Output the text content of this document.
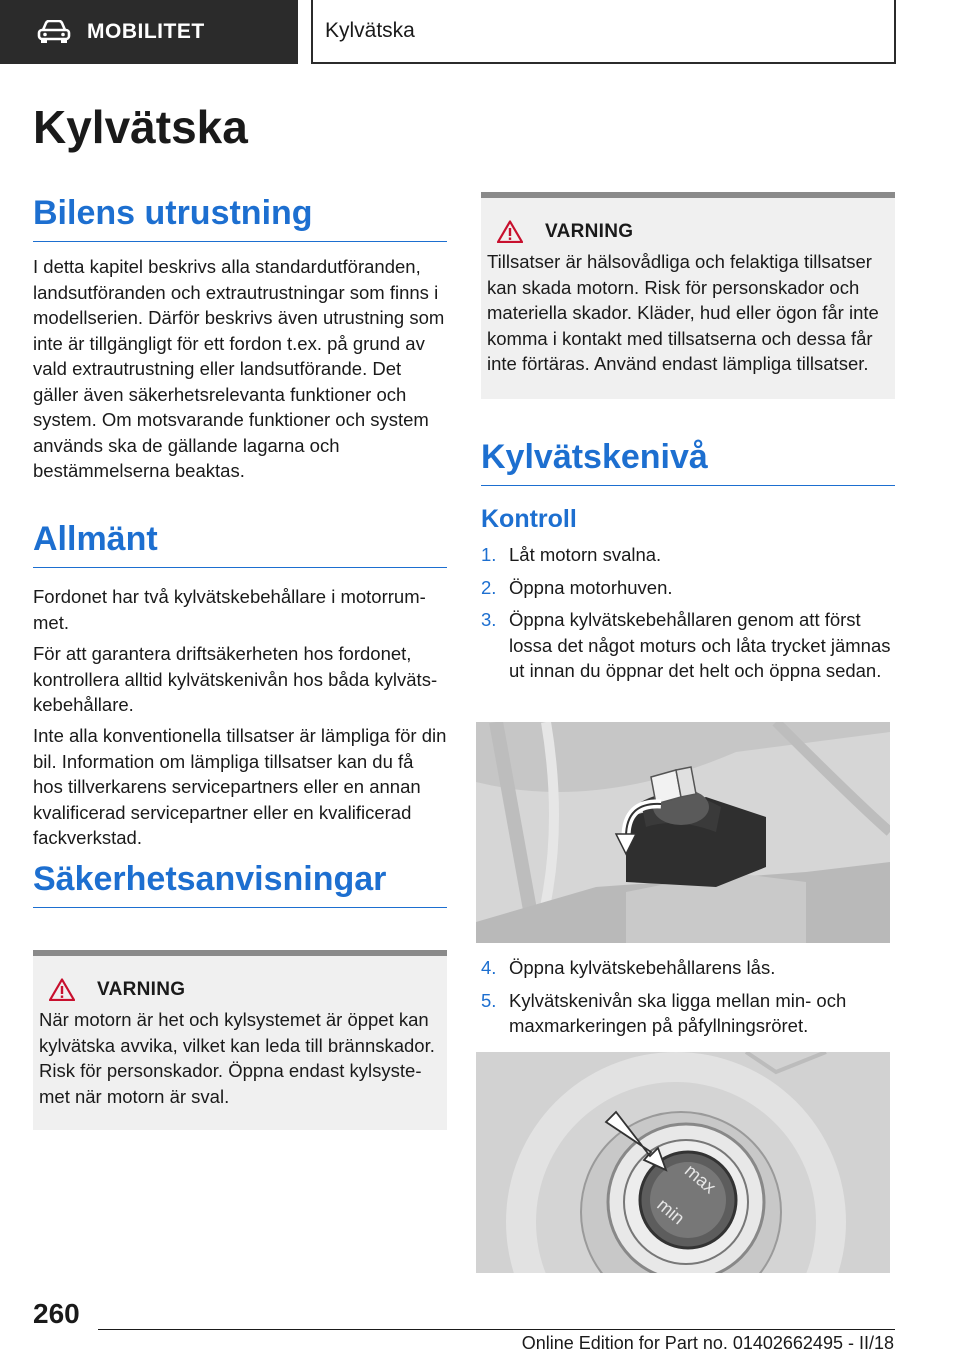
MOBILITET	Kylvätska
Kylvätska
Bilens utrustning
I detta kapitel beskrivs alla standardutföranden, landsutföranden och extrautrustningar som finns i modellserien. Därför beskrivs även utrustning som inte är tillgängligt för ett fordon t.ex. på grund av vald extrautrustning eller landsutförande. Det gäller även säkerhetsrelevanta funktioner och system. Om motsvarande funktioner och system används ska de gällande lagarna och bestämmelserna beaktas.
Allmänt
Fordonet har två kylvätskebehållare i motorrummet.
För att garantera driftsäkerheten hos fordonet, kontrollera alltid kylvätskenivån hos båda kylvätskebehållare.
Inte alla konventionella tillsatser är lämpliga för din bil. Information om lämpliga tillsatser kan du få hos tillverkarens servicepartners eller en annan kvalificerad servicepartner eller en kvalificerad fackverkstad.
Säkerhetsanvisningar
VARNING
När motorn är het och kylsystemet är öppet kan kylvätska avvika, vilket kan leda till brännskador. Risk för personskador. Öppna endast kylsystemet när motorn är sval.
VARNING
Tillsatser är hälsovådliga och felaktiga tillsatser kan skada motorn. Risk för personskador och materiella skador. Kläder, hud eller ögon får inte komma i kontakt med tillsatserna och dessa får inte förtäras. Använd endast lämpliga tillsatser.
Kylvätskenivå
Kontroll
1. Låt motorn svalna.
2. Öppna motorhuven.
3. Öppna kylvätskebehållaren genom att först lossa det något moturs och låta trycket jämnas ut innan du öppnar det helt och öppna sedan.
4. Öppna kylvätskebehållarens lås.
5. Kylvätskenivån ska ligga mellan min- och maxmarkeringen på påfyllningsröret.
max
min
260
Online Edition for Part no. 01402662495 - II/18
